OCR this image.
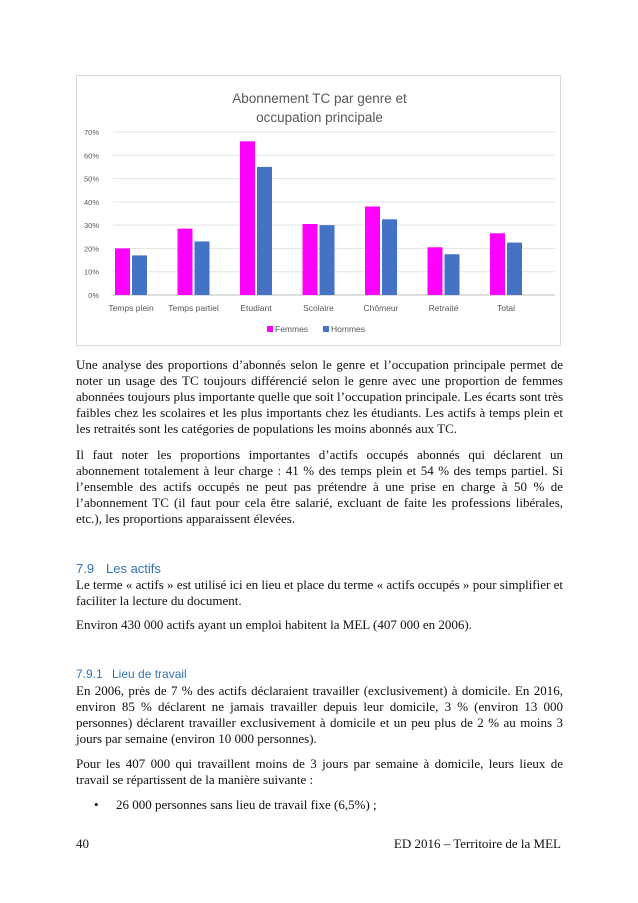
Abonnement TC par genre et
occupation principale
0%
10%
20%
30%
40%
50%
60%
70%
Temps plein Temps partiel	Etudiant	Scolaire	Chômeur	Retraité	Total
Femmes	Hommes

Une analyse des proportions d’abonnés selon le genre et l’occupation principale permet de noter un usage des TC toujours différencié selon le genre avec une proportion de femmes abonnées toujours plus importante quelle que soit l’occupation principale. Les écarts sont très faibles chez les scolaires et les plus importants chez les étudiants. Les actifs à temps plein et les retraités sont les catégories de populations les moins abonnés aux TC.

Il faut noter les proportions importantes d’actifs occupés abonnés qui déclarent un abonnement totalement à leur charge : 41 % des temps plein et 54 % des temps partiel. Si l’ensemble des actifs occupés ne peut pas prétendre à une prise en charge à 50 % de l’abonnement TC (il faut pour cela être salarié, excluant de faite les professions libérales, etc.), les proportions apparaissent élevées.

7.9 Les actifs

Le terme « actifs » est utilisé ici en lieu et place du terme « actifs occupés » pour simplifier et faciliter la lecture du document.

Environ 430 000 actifs ayant un emploi habitent la MEL (407 000 en 2006).

7.9.1 Lieu de travail

En 2006, près de 7 % des actifs déclaraient travailler (exclusivement) à domicile. En 2016, environ 85 % déclarent ne jamais travailler depuis leur domicile, 3 % (environ 13 000 personnes) déclarent travailler exclusivement à domicile et un peu plus de 2 % au moins 3 jours par semaine (environ 10 000 personnes).

Pour les 407 000 qui travaillent moins de 3 jours par semaine à domicile, leurs lieux de travail se répartissent de la manière suivante :

• 26 000 personnes sans lieu de travail fixe (6,5%) ;
40	ED 2016 – Territoire de la MEL
